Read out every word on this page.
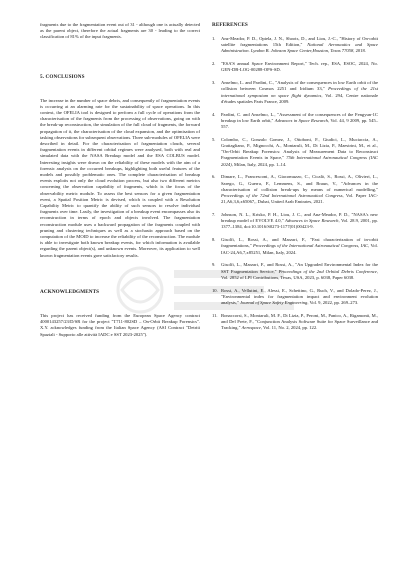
fragments due to the fragmentation event out of 31 - although one is actually detected as the parent object, therefore the actual fragments are 30 - leading to the correct classification of 81% of the input fragments.

5. CONCLUSIONS

The increase in the number of space debris, and consequently of fragmentation events is occurring at an alarming rate for the sustainability of space operations. In this context, the OFELIA tool is designed to perform a full cycle of operations from the characterisation of the fragments from the processing of observations, going on with the break-up reconstruction, the simulation of the full cloud of fragments, the forward propagation of it, the characterisation of the cloud expansion, and the optimisation of tasking observations for subsequent observations. Three sub-modules of OFELIA were described in detail. For the characterisation of fragmentation clouds, several fragmentation events in different orbital regimes were analysed, both with real and simulated data with the NASA Breakup model and the ESA COLBUS model. Interesting insights were drawn on the reliability of these models with the aim of a forensic analysis on the occurred breakups, highlighting both useful features of the models and possibly problematic ones. The complete characterisation of breakup events exploits not only the cloud evolution process, but also two different metrics concerning the observation capability of fragments, which is the focus of the observability metric module. To assess the best sensors for a given fragmentation event, a Spatial Position Metric is devised, which is coupled with a Resolution Capability Metric to quantify the ability of such sensors to resolve individual fragments over time. Lastly, the investigation of a breakup event encompasses also its reconstruction in terms of epoch and objects involved. The fragmentation reconstruction module uses a backward propagation of the fragments coupled with pruning and clustering techniques as well as a stochastic approach based on the computation of the MOID to increase the reliability of the reconstruction. The module is able to investigate both known breakup events, for which information is available regarding the parent object(s), and unknown events. Moreover, its application to well known fragmentation events gave satisfactory results.

ACKNOWLEDGMENTS

This project has received funding from the European Space Agency contract 4000143257/23/D/SR for the project "T711-802SD – On-Orbit Breakup Forensics". X.Y. acknowledges funding from the Italian Space Agency (ASI Contract "Detriti Spaziali - Supporto alle attività IADC e SST 2023-2025").

REFERENCES
1. Anz-Meador, P. D., Opiela, J. N., Shoots, D., and Liou, J.-C., "History of On-orbit satellite fragmentations 15th Edition," National Aeronautics and Space Administration. Lyndon B. Johnson Space Center,Houston, Texas 77058, 2018.
2. "ESA'S annual Space Environment Report," Tech. rep., ESA, ESOC, 2024, No. GEN-DB-LOG-00288-OPS-SD.
3. Anselmo, L. and Pardini, C., "Analysis of the consequences in low Earth orbit of the collision between Cosmos 2251 and Iridium 33," Proceedings of the 21st international symposium on space flight dynamics, Vol. 294, Centre nationale d'études spatiales Paris France, 2009.
4. Pardini, C. and Anselmo, L., "Assessment of the consequences of the Fengyun-1C breakup in low Earth orbit," Advances in Space Research, Vol. 44, 9 2009, pp. 545–557.
5. Colombo, C., Gonzalo Gomez, J., Ottoboni, F., Giudici, L., Muciaccia, A., Grattagliano, P., Mignocchi, A., Montaruli, M., Di Lizia, P., Maestrini, M., et al., "On-Orbit Breakup Forensics: Analysis of Measurement Data to Reconstruct Fragmentation Events in Space," 75th International Astronautical Congress (IAC 2024), Milan, Italy, 2024, pp. 1–14.
6. Dimare, L., Francesconi, A., Giacomuzzo, C., Cicalò, S., Rossi, A., Olivieri, L., Sarego, G., Guerra, F., Lemmens, S., and Braun, V., "Advances in the characterisation of collision break-ups by means of numerical modelling," Proceedings of the 72nd International Astronautical Congress, Vol. Paper IAC-21,A6,3,6,x65067,, Dubai, United Arab Emirates, 2021.
7. Johnson, N. L., Krisko, P. H., Liou, J. C., and Anz-Meador, P. D., "NASA's new breakup model of EVOLVE 4.0," Advances in Space Research, Vol. 28.9, 2001, pp. 1377–1384, doi:10.1016/S0273-1177(01)00423-9.
8. Gisolfi, L., Rossi, A., and Marzari, F., "Fast characterization of in-orbit fragmentations," Proceedings of the International Astronautical Congress, IAC, Vol. IAC-24,A6,7,x85251, Milan, Italy, 2024.
9. Gisolfi, L., Marzari, F., and Rossi, A., "An Upgraded Environmental Index for the SST Fragmentation Service," Proceedings of the 2nd Orbital Debris Conference, Vol. 2852 of LPI Contributions, Texas, USA, 2023, p. 6038, Paper 6038.
10. Rossi, A., Vellutini, E., Alessi, E., Schettino, G., Ruch, V., and Dolado-Perez, J., "Environmental index for fragmentation impact and environment evolution analysis," Journal of Space Safety Engineering, Vol. 9, 2022, pp. 269–273.
11. Bonaccorsi, S., Montaruli, M. F., Di Lizia, P., Peroni, M., Panico, A., Rigamonti, M., and Del Prete, F., "Conjunction Analysis Software Suite for Space Surveillance and Tracking," Aerospace, Vol. 11, No. 2, 2024, pp. 122.
